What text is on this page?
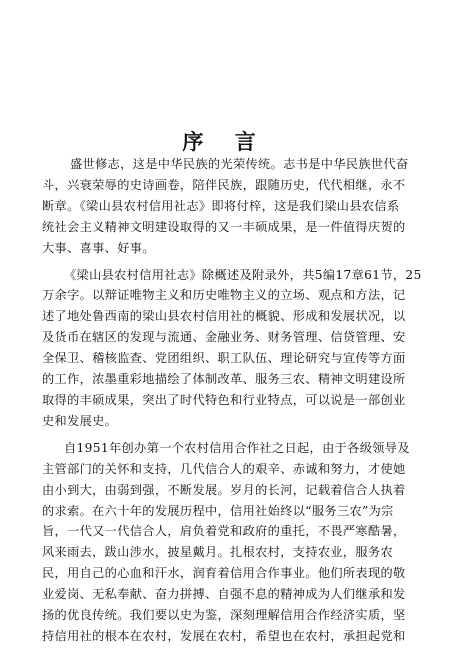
序 言
盛世修志，这是中华民族的光荣传统。志书是中华民族世代奋
斗，兴衰荣辱的史诗画卷，陪伴民族，跟随历史，代代相继，永不
断章。《梁山县农村信用社志》即将付梓，这是我们梁山县农信系
统社会主义精神文明建设取得的又一丰硕成果，是一件值得庆贺的
大事、喜事、好事。
《梁山县农村信用社志》除概述及附录外，共5编17章61节，25
万余字。以辩证唯物主义和历史唯物主义的立场、观点和方法，记
述了地处鲁西南的梁山县农村信用社的概貌、形成和发展状况，以
及货币在辖区的发现与流通、金融业务、财务管理、信贷管理、安
全保卫、稽核监查、党团组织、职工队伍、理论研究与宣传等方面
的工作，浓墨重彩地描绘了体制改革、服务三农、精神文明建设所
取得的丰硕成果，突出了时代特色和行业特点，可以说是一部创业
史和发展史。
自1951年创办第一个农村信用合作社之日起，由于各级领导及
主管部门的关怀和支持，几代信合人的艰辛、赤诚和努力，才使她
由小到大，由弱到强，不断发展。岁月的长河，记载着信合人执着
的求索。在六十年的发展历程中，信用社始终以“服务三农”为宗
旨，一代又一代信合人，肩负着党和政府的重托，不畏严寒酷暑，
风来雨去，跋山涉水，披星戴月。扎根农村，支持农业，服务农
民，用自己的心血和汗水，润育着信用合作事业。他们所表现的敬
业爱岗、无私奉献、奋力拼搏、自强不息的精神成为人们继承和发
扬的优良传统。我们要以史为鉴，深刻理解信用合作经济实质，坚
持信用社的根本在农村，发展在农村，希望也在农村，承担起党和
